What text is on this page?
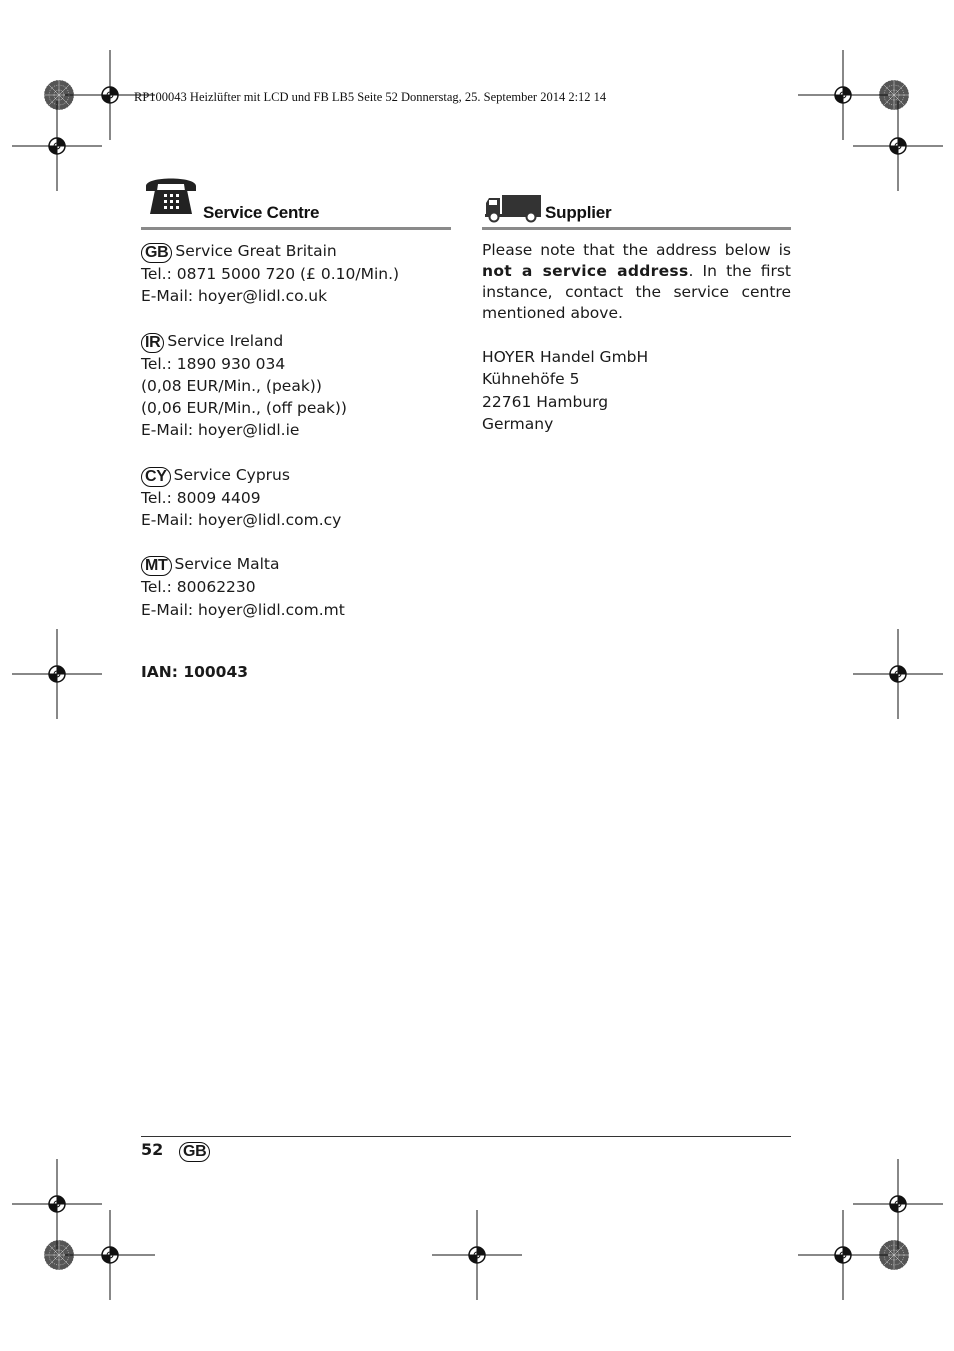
RP100043 Heizlüfter mit LCD und FB LB5 Seite 52 Donnerstag, 25. September 2014 2:12 14
Service Centre
GB Service Great Britain
Tel.: 0871 5000 720 (£ 0.10/Min.)
E-Mail: hoyer@lidl.co.uk
IR Service Ireland
Tel.: 1890 930 034
(0,08 EUR/Min., (peak))
(0,06 EUR/Min., (off peak))
E-Mail: hoyer@lidl.ie
CY Service Cyprus
Tel.: 8009 4409
E-Mail: hoyer@lidl.com.cy
MT Service Malta
Tel.: 80062230
E-Mail: hoyer@lidl.com.mt
Supplier
Please note that the address below is not a service address. In the first instance, contact the service centre mentioned above.
HOYER Handel GmbH
Kühnehöfe 5
22761 Hamburg
Germany
IAN: 100043
52 GB
